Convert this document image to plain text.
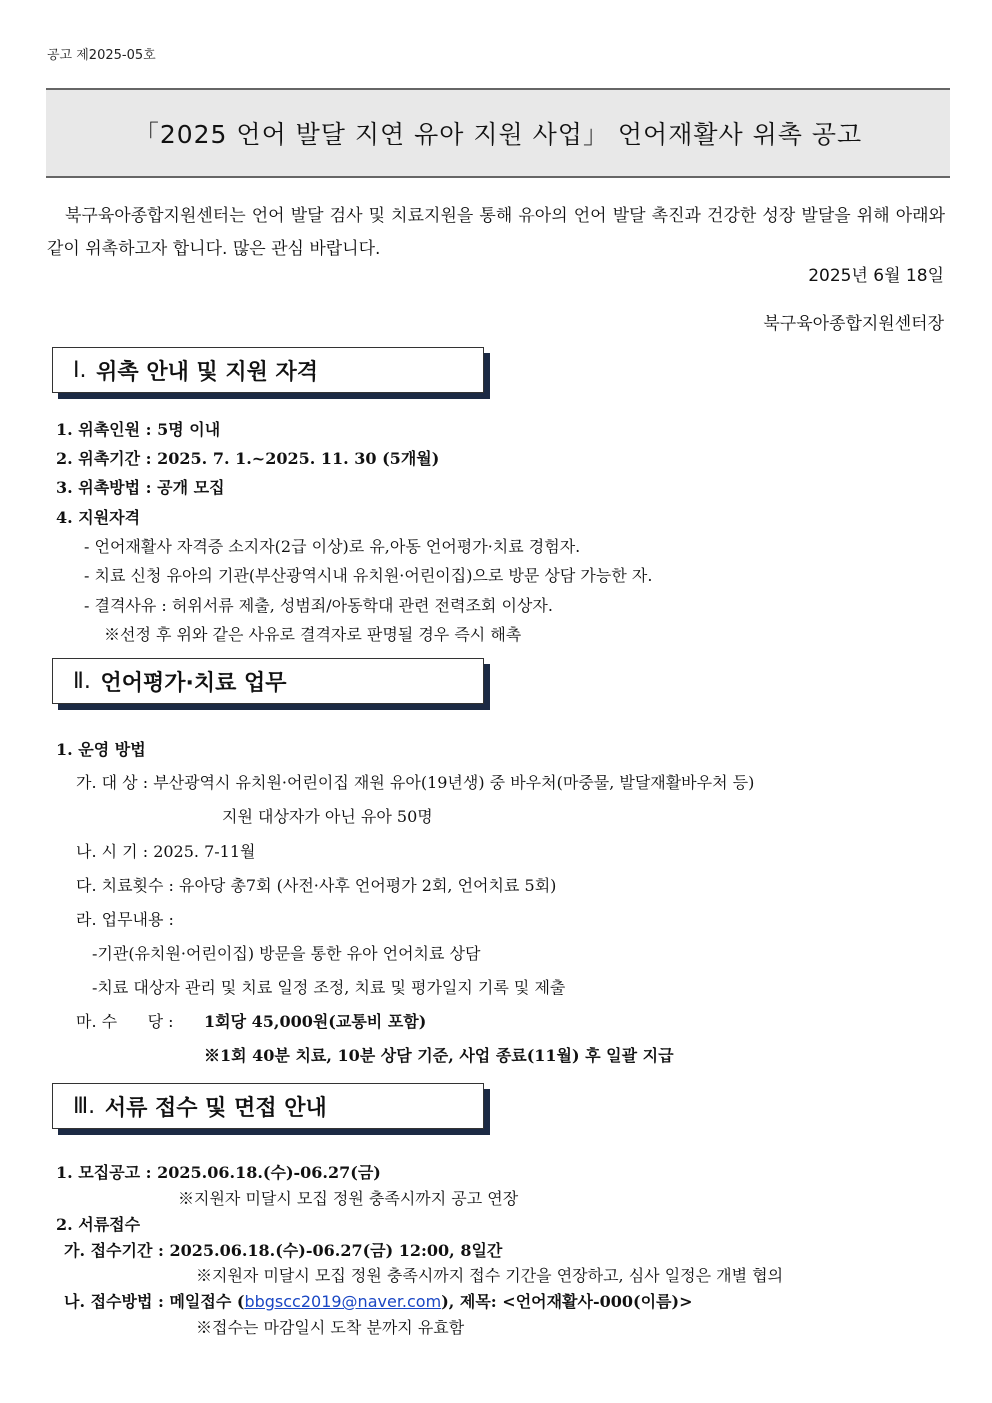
공고 제2025-05호
「2025 언어 발달 지연 유아 지원 사업」 언어재활사 위촉 공고
북구육아종합지원센터는 언어 발달 검사 및 치료지원을 통해 유아의 언어 발달 촉진과 건강한 성장 발달을 위해 아래와 같이 위촉하고자 합니다. 많은 관심 바랍니다.
2025년 6월 18일
북구육아종합지원센터장
Ⅰ.
위촉 안내 및 지원 자격
1. 위촉인원 : 5명 이내
2. 위촉기간 : 2025. 7. 1.~2025. 11. 30 (5개월)
3. 위촉방법 : 공개 모집
4. 지원자격
- 언어재활사 자격증 소지자(2급 이상)로 유,아동 언어평가·치료 경험자.
- 치료 신청 유아의 기관(부산광역시내 유치원·어린이집)으로 방문 상담 가능한 자.
- 결격사유 : 허위서류 제출, 성범죄/아동학대 관련 전력조회 이상자.
※선정 후 위와 같은 사유로 결격자로 판명될 경우 즉시 해촉
Ⅱ.
언어평가·치료 업무
1. 운영 방법
가. 대 상 : 부산광역시 유치원·어린이집 재원 유아(19년생) 중 바우처(마중물, 발달재활바우처 등)
지원 대상자가 아닌 유아 50명
나. 시 기 : 2025. 7-11월
다. 치료횟수 : 유아당 총7회 (사전·사후 언어평가 2회, 언어치료 5회)
라. 업무내용 :
-기관(유치원·어린이집) 방문을 통한 유아 언어치료 상담
-치료 대상자 관리 및 치료 일정 조정, 치료 및 평가일지 기록 및 제출
마. 수      당 : 1회당 45,000원(교통비 포함)
※1회 40분 치료, 10분 상담 기준, 사업 종료(11월) 후 일괄 지급
Ⅲ.
서류 접수 및 면접 안내
1. 모집공고 : 2025.06.18.(수)-06.27(금)
※지원자 미달시 모집 정원 충족시까지 공고 연장
2. 서류접수
가. 접수기간 : 2025.06.18.(수)-06.27(금) 12:00, 8일간
※지원자 미달시 모집 정원 충족시까지 접수 기간을 연장하고, 심사 일정은 개별 협의
나. 접수방법 : 메일접수 (bbgscc2019@naver.com), 제목: <언어재활사-000(이름)>
※접수는 마감일시 도착 분까지 유효함
